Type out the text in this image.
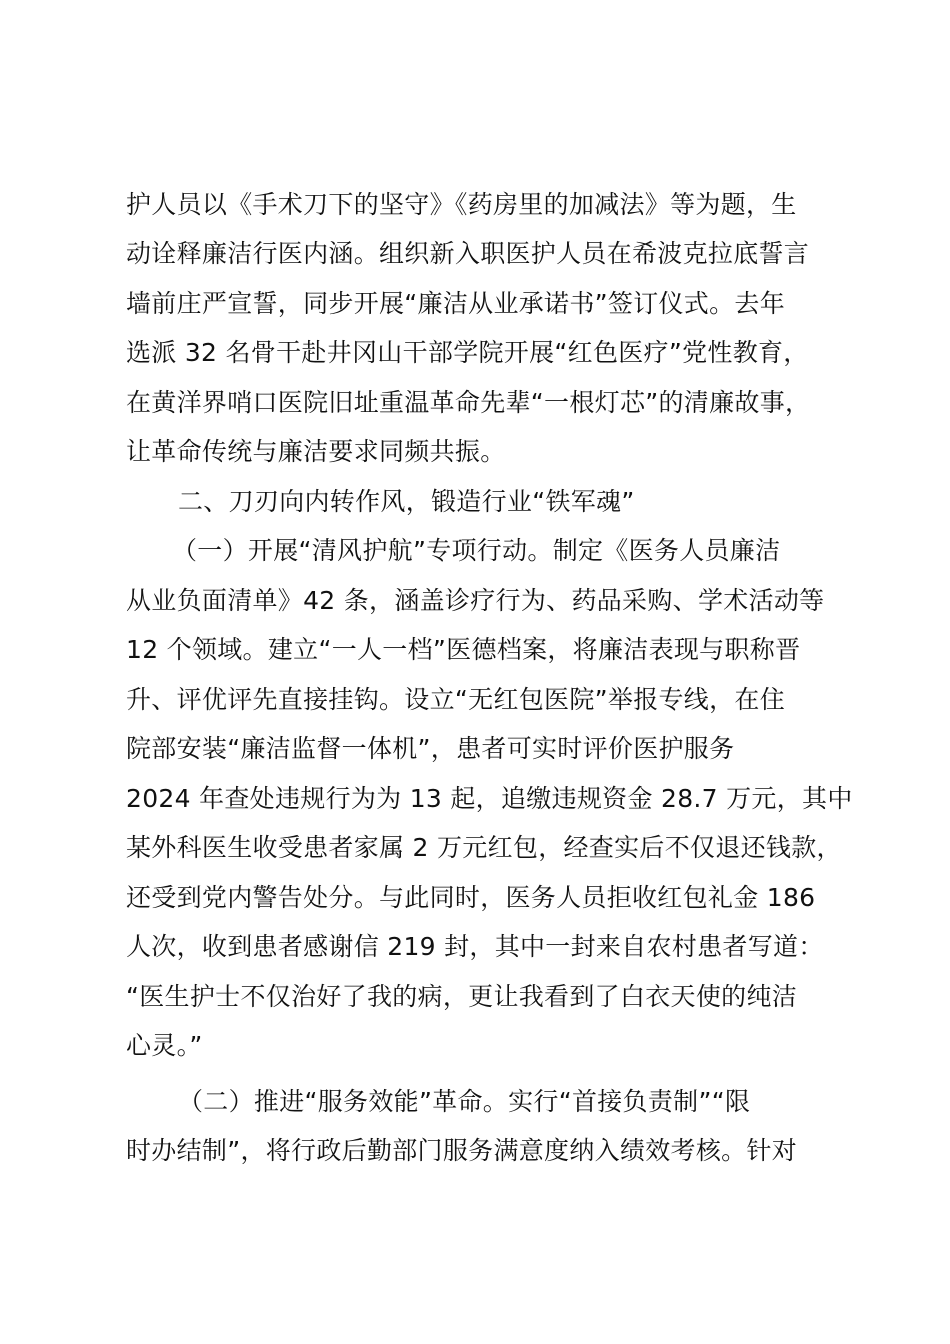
护人员以《手术刀下的坚守》《药房里的加减法》等为题，生
动诠释廉洁行医内涵。组织新入职医护人员在希波克拉底誓言
墙前庄严宣誓，同步开展“廉洁从业承诺书”签订仪式。去年
选派 32 名骨干赴井冈山干部学院开展“红色医疗”党性教育，
在黄洋界哨口医院旧址重温革命先辈“一根灯芯”的清廉故事，
让革命传统与廉洁要求同频共振。
二、刀刃向内转作风，锻造行业“铁军魂”
（一）开展“清风护航”专项行动。制定《医务人员廉洁
从业负面清单》42 条，涵盖诊疗行为、药品采购、学术活动等
12 个领域。建立“一人一档”医德档案，将廉洁表现与职称晋
升、评优评先直接挂钩。设立“无红包医院”举报专线，在住
院部安装“廉洁监督一体机”，患者可实时评价医护服务
2024 年查处违规行为为 13 起，追缴违规资金 28.7 万元，其中
某外科医生收受患者家属 2 万元红包，经查实后不仅退还钱款，
还受到党内警告处分。与此同时，医务人员拒收红包礼金 186
人次，收到患者感谢信 219 封，其中一封来自农村患者写道：
“医生护士不仅治好了我的病，更让我看到了白衣天使的纯洁
心灵。”
（二）推进“服务效能”革命。实行“首接负责制”“限
时办结制”，将行政后勤部门服务满意度纳入绩效考核。针对
